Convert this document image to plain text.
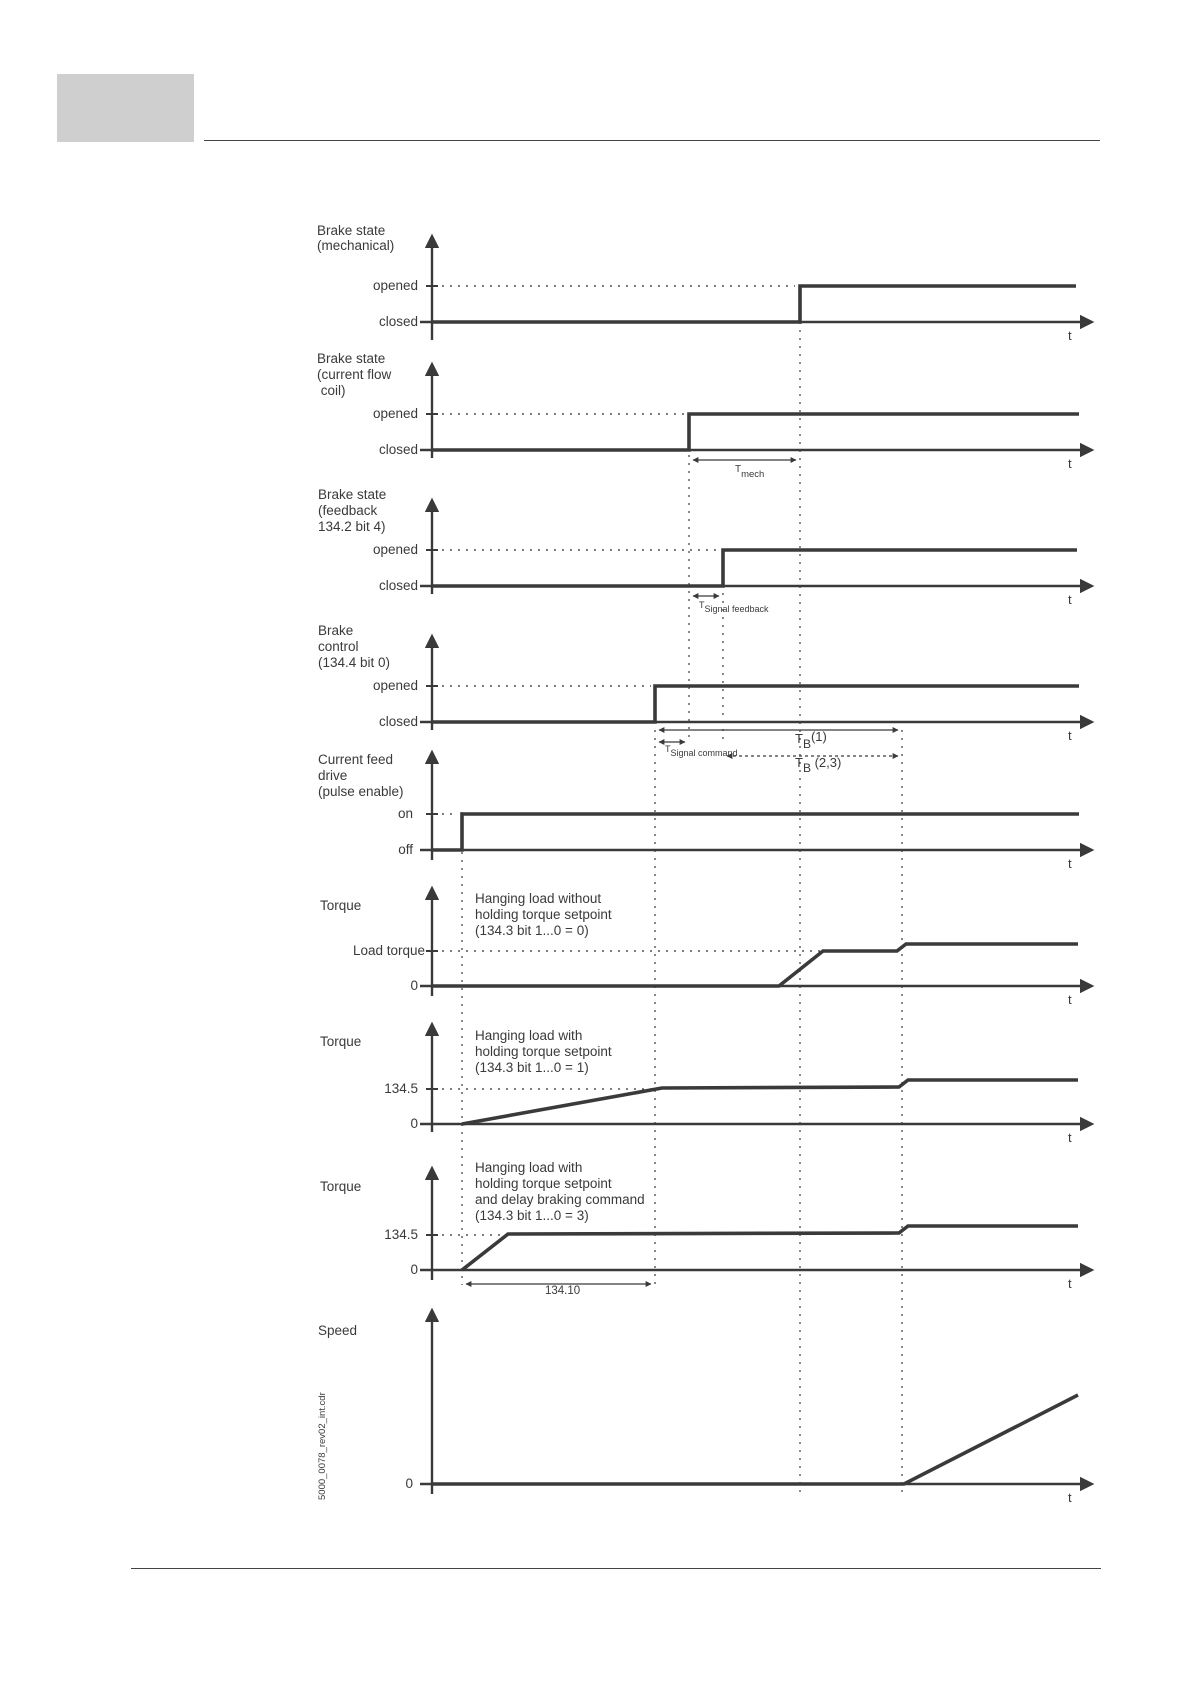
Brake state
(mechanical)
opened
closed
t
Brake state
(current flow
coil)
opened
closed
t
Tmech
Brake state
(feedback
134.2 bit 4)
opened
closed
t
TSignal feedback
Brake
control
(134.4 bit 0)
opened
closed
t
TB(1)
TSignal command
TB (2,3)
Current feed
drive
(pulse enable)
on
off
t
Torque	Hanging load without
holding torque setpoint
(134.3 bit 1...0 = 0)
Load torque
0
t
Torque	Hanging load with
holding torque setpoint
(134.3 bit 1...0 = 1)
134.5
0
t
Torque
Hanging load with
holding torque setpoint
and delay braking command
(134.3 bit 1...0 = 3)
134.5
0
t
134.10
Speed
0
t
5000_0078_rev02_int.cdr
